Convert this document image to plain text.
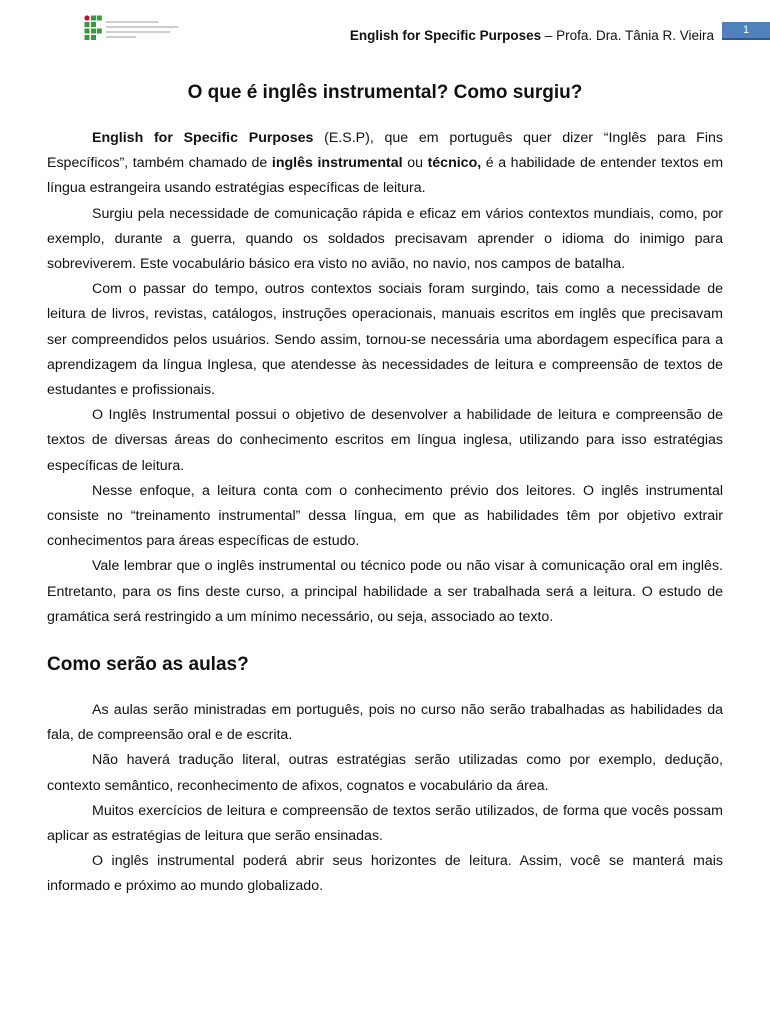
English for Specific Purposes – Profa. Dra. Tânia R. Vieira	1
O que é inglês instrumental? Como surgiu?

English for Specific Purposes (E.S.P), que em português quer dizer “Inglês para Fins Específicos”, também chamado de inglês instrumental ou técnico, é a habilidade de entender textos em língua estrangeira usando estratégias específicas de leitura.

Surgiu pela necessidade de comunicação rápida e eficaz em vários contextos mundiais, como, por exemplo, durante a guerra, quando os soldados precisavam aprender o idioma do inimigo para sobreviverem. Este vocabulário básico era visto no avião, no navio, nos campos de batalha.

Com o passar do tempo, outros contextos sociais foram surgindo, tais como a necessidade de leitura de livros, revistas, catálogos, instruções operacionais, manuais escritos em inglês que precisavam ser compreendidos pelos usuários. Sendo assim, tornou-se necessária uma abordagem específica para a aprendizagem da língua Inglesa, que atendesse às necessidades de leitura e compreensão de textos de estudantes e profissionais.

O Inglês Instrumental possui o objetivo de desenvolver a habilidade de leitura e compreensão de textos de diversas áreas do conhecimento escritos em língua inglesa, utilizando para isso estratégias específicas de leitura.

Nesse enfoque, a leitura conta com o conhecimento prévio dos leitores. O inglês instrumental consiste no “treinamento instrumental” dessa língua, em que as habilidades têm por objetivo extrair conhecimentos para áreas específicas de estudo.

Vale lembrar que o inglês instrumental ou técnico pode ou não visar à comunicação oral em inglês. Entretanto, para os fins deste curso, a principal habilidade a ser trabalhada será a leitura. O estudo de gramática será restringido a um mínimo necessário, ou seja, associado ao texto.

Como serão as aulas?

As aulas serão ministradas em português, pois no curso não serão trabalhadas as habilidades da fala, de compreensão oral e de escrita.

Não haverá tradução literal, outras estratégias serão utilizadas como por exemplo, dedução, contexto semântico, reconhecimento de afixos, cognatos e vocabulário da área.

Muitos exercícios de leitura e compreensão de textos serão utilizados, de forma que vocês possam aplicar as estratégias de leitura que serão ensinadas.

O inglês instrumental poderá abrir seus horizontes de leitura. Assim, você se manterá mais informado e próximo ao mundo globalizado.
